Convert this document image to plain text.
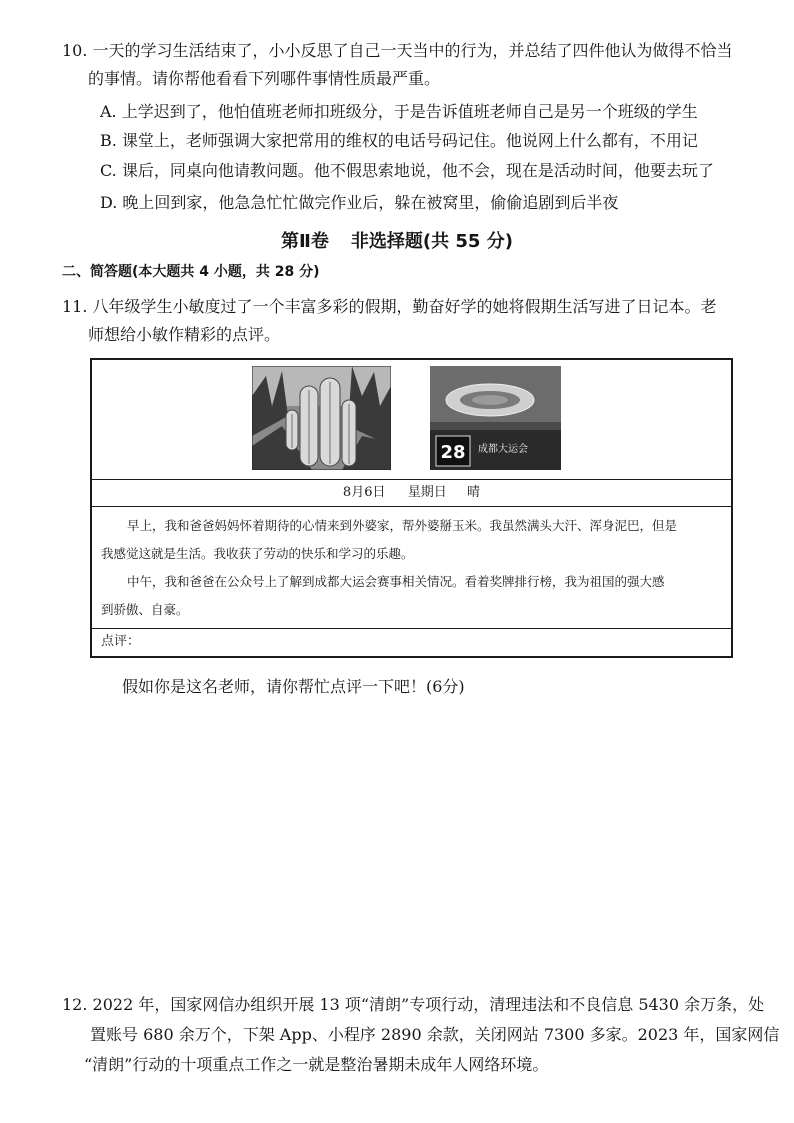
10. 一天的学习生活结束了，小小反思了自己一天当中的行为，并总结了四件他认为做得不恰当
的事情。请你帮他看看下列哪件事情性质最严重。
A. 上学迟到了，他怕值班老师扣班级分，于是告诉值班老师自己是另一个班级的学生
B. 课堂上，老师强调大家把常用的维权的电话号码记住。他说网上什么都有，不用记
C. 课后，同桌向他请教问题。他不假思索地说，他不会，现在是活动时间，他要去玩了
D. 晚上回到家，他急急忙忙做完作业后，躲在被窝里，偷偷追剧到后半夜
第Ⅱ卷 非选择题(共 55 分)
二、简答题(本大题共 4 小题，共 28 分)
11. 八年级学生小敏度过了一个丰富多彩的假期，勤奋好学的她将假期生活写进了日记本。老
师想给小敏作精彩的点评。
28	成都大运会
8月6日 星期日 晴
早上，我和爸爸妈妈怀着期待的心情来到外婆家，帮外婆掰玉米。我虽然满头大汗、浑身泥巴，但是
我感觉这就是生活。我收获了劳动的快乐和学习的乐趣。
中午，我和爸爸在公众号上了解到成都大运会赛事相关情况。看着奖牌排行榜，我为祖国的强大感
到骄傲、自豪。
点评：
假如你是这名老师，请你帮忙点评一下吧！(6分)
12. 2022 年，国家网信办组织开展 13 项“清朗”专项行动，清理违法和不良信息 5430 余万条，处
置账号 680 余万个，下架 App、小程序 2890 余款，关闭网站 7300 多家。2023 年，国家网信
“清朗”行动的十项重点工作之一就是整治暑期未成年人网络环境。
